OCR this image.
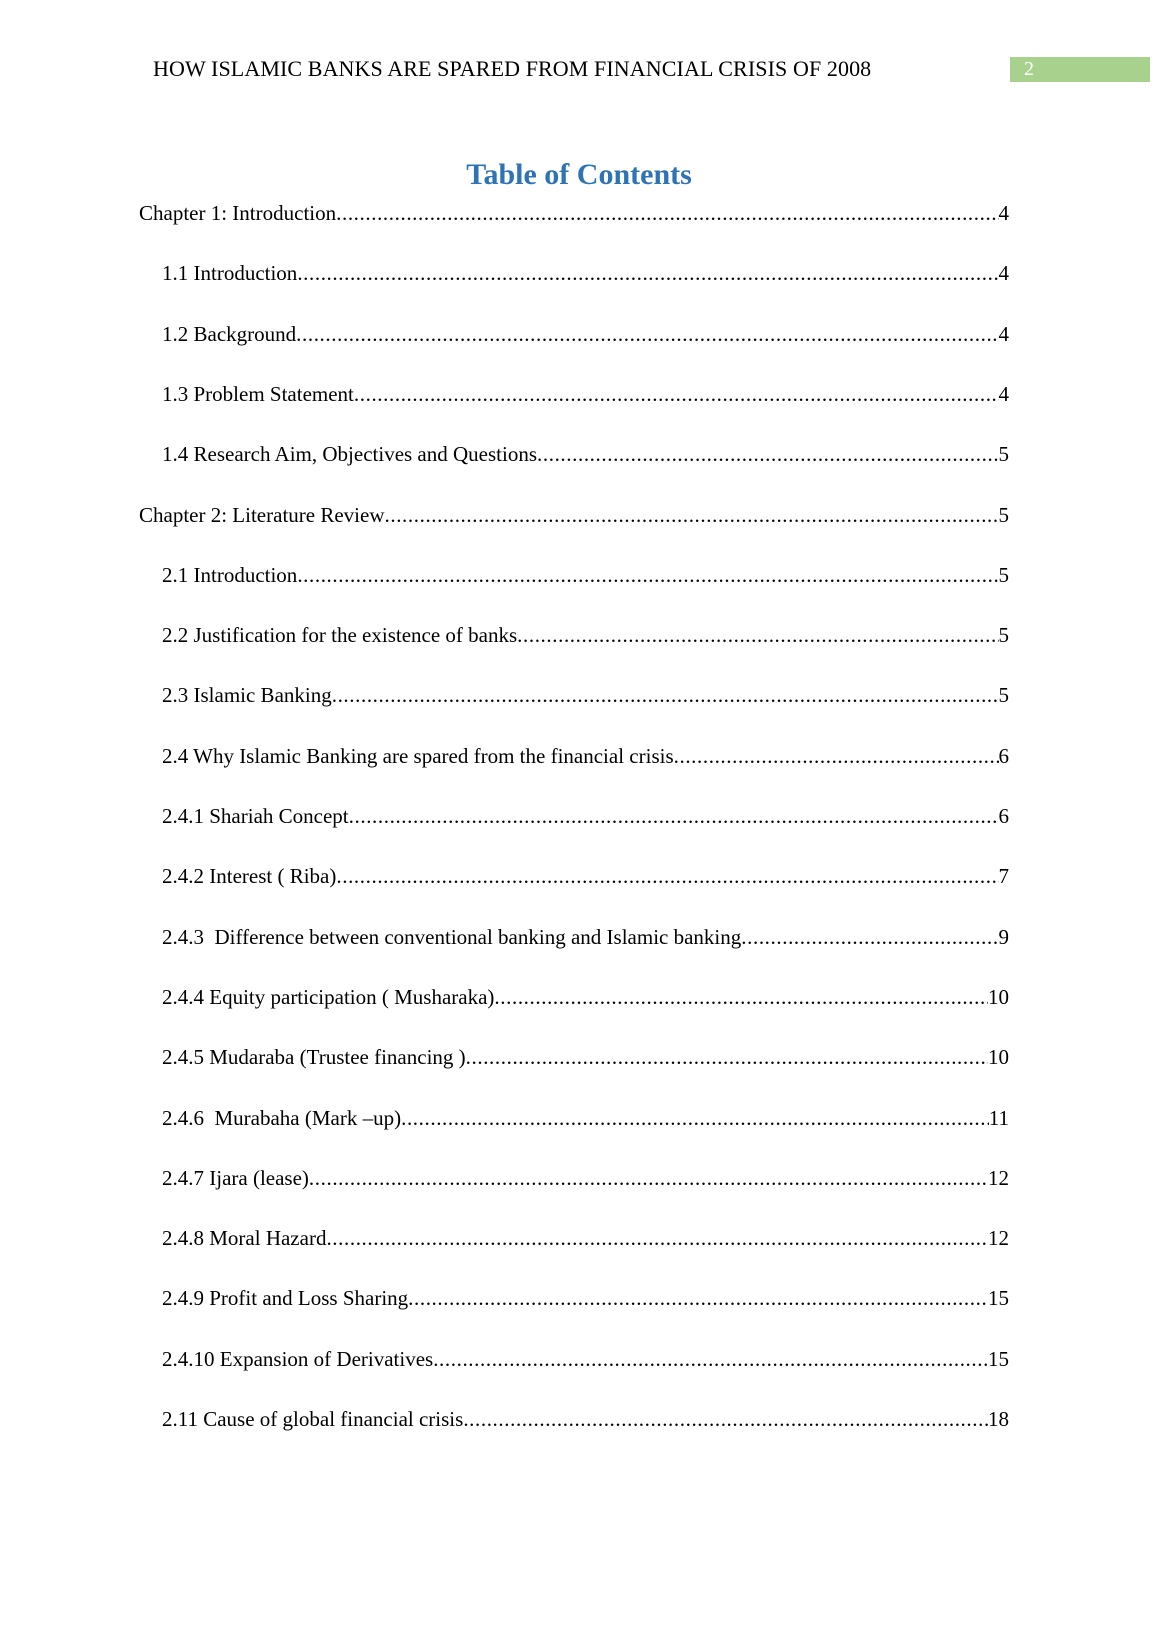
HOW ISLAMIC BANKS ARE SPARED FROM FINANCIAL CRISIS OF 2008	2
Table of Contents
Chapter 1: Introduction .....	4
1.1 Introduction .....	4
1.2 Background .....	4
1.3 Problem Statement .....	4
1.4 Research Aim, Objectives and Questions .....	5
Chapter 2: Literature Review .....	5
2.1 Introduction .....	5
2.2 Justification for the existence of banks .....	5
2.3 Islamic Banking .....	5
2.4 Why Islamic Banking are spared from the financial crisis .....	6
2.4.1 Shariah Concept .....	6
2.4.2 Interest ( Riba) .....	7
2.4.3  Difference between conventional banking and Islamic banking .....	9
2.4.4 Equity participation ( Musharaka) .....	10
2.4.5 Mudaraba (Trustee financing ) .....	10
2.4.6  Murabaha (Mark –up) .....	11
2.4.7 Ijara (lease) .....	12
2.4.8 Moral Hazard .....	12
2.4.9 Profit and Loss Sharing .....	15
2.4.10 Expansion of Derivatives .....	15
2.11 Cause of global financial crisis .....	18
